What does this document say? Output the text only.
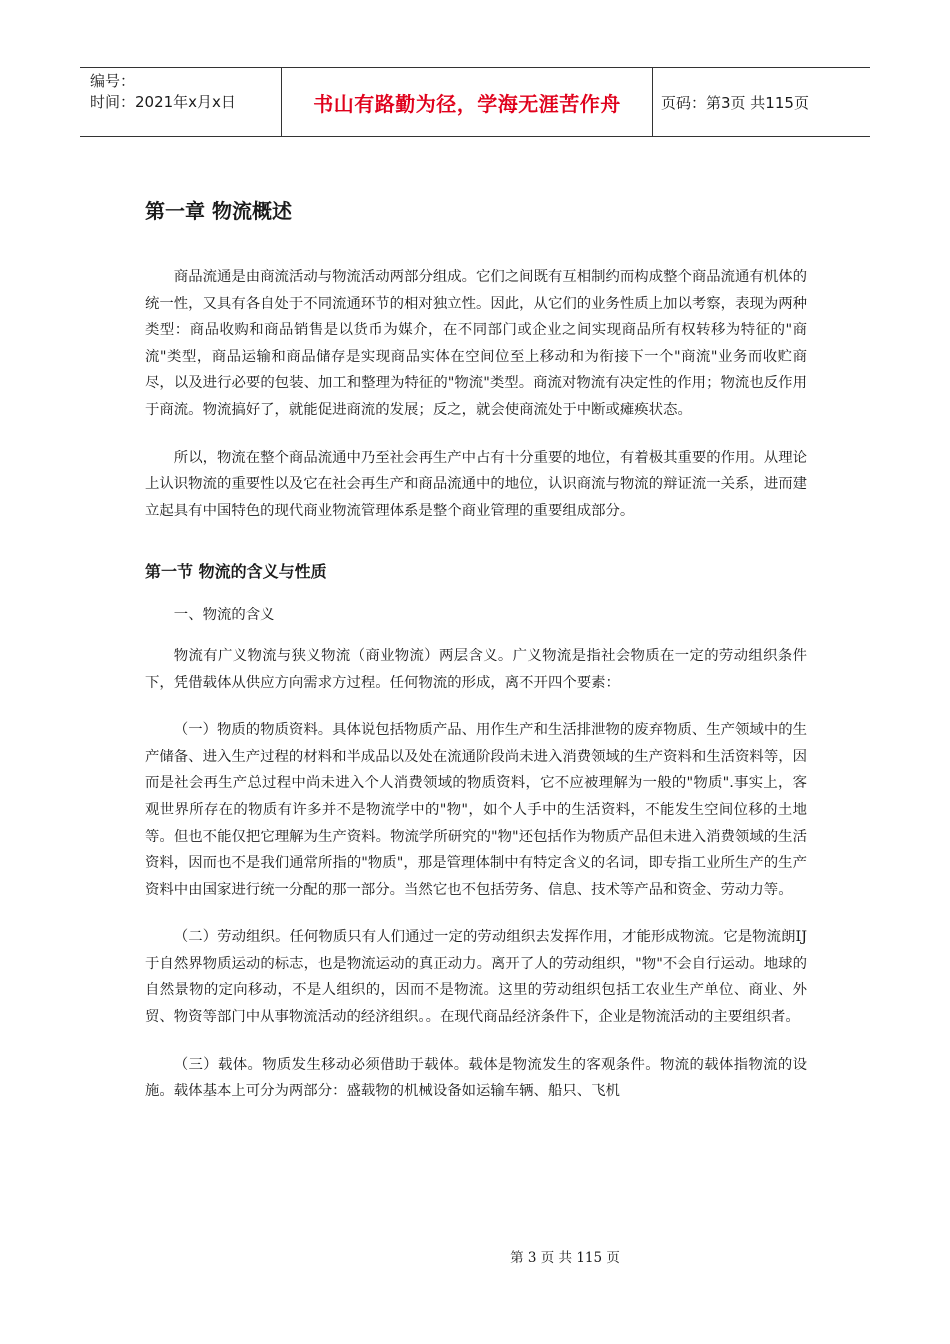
编号：
时间：2021年x月x日	书山有路勤为径，学海无涯苦作舟	页码：第3页 共115页
第一章 物流概述

商品流通是由商流活动与物流活动两部分组成。它们之间既有互相制约而构成整个商品流通有机体的统一性，又具有各自处于不同流通环节的相对独立性。因此，从它们的业务性质上加以考察，表现为两种类型：商品收购和商品销售是以货币为媒介，在不同部门或企业之间实现商品所有权转移为特征的"商流"类型，商品运输和商品储存是实现商品实体在空间位至上移动和为衔接下一个"商流"业务而收贮商尽，以及进行必要的包装、加工和整理为特征的"物流"类型。商流对物流有决定性的作用；物流也反作用于商流。物流搞好了，就能促进商流的发展；反之，就会使商流处于中断或瘫痪状态。

所以，物流在整个商品流通中乃至社会再生产中占有十分重要的地位，有着极其重要的作用。从理论上认识物流的重要性以及它在社会再生产和商品流通中的地位，认识商流与物流的辩证流一关系，进而建立起具有中国特色的现代商业物流管理体系是整个商业管理的重要组成部分。

第一节 物流的含义与性质

一、物流的含义

物流有广义物流与狭义物流（商业物流）两层含义。广义物流是指社会物质在一定的劳动组织条件下，凭借载体从供应方向需求方过程。任何物流的形成，离不开四个要素：

（一）物质的物质资料。具体说包括物质产品、用作生产和生活排泄物的废弃物质、生产领域中的生产储备、进入生产过程的材料和半成品以及处在流通阶段尚未进入消费领域的生产资料和生活资料等，因而是社会再生产总过程中尚未进入个人消费领域的物质资料，它不应被理解为一般的"物质".事实上，客观世界所存在的物质有许多并不是物流学中的"物"，如个人手中的生活资料，不能发生空间位移的土地等。但也不能仅把它理解为生产资料。物流学所研究的"物"还包括作为物质产品但未进入消费领域的生活资料，因而也不是我们通常所指的"物质"，那是管理体制中有特定含义的名词，即专指工业所生产的生产资料中由国家进行统一分配的那一部分。当然它也不包括劳务、信息、技术等产品和资金、劳动力等。

（二）劳动组织。任何物质只有人们通过一定的劳动组织去发挥作用，才能形成物流。它是物流朗IJ于自然界物质运动的标志，也是物流运动的真正动力。离开了人的劳动组织，"物"不会自行运动。地球的自然景物的定向移动，不是人组织的，因而不是物流。这里的劳动组织包括工农业生产单位、商业、外贸、物资等部门中从事物流活动的经济组织。。在现代商品经济条件下，企业是物流活动的主要组织者。

（三）载体。物质发生移动必须借助于载体。载体是物流发生的客观条件。物流的载体指物流的设施。载体基本上可分为两部分：盛载物的机械设备如运输车辆、船只、飞机

第 3 页 共 115 页
